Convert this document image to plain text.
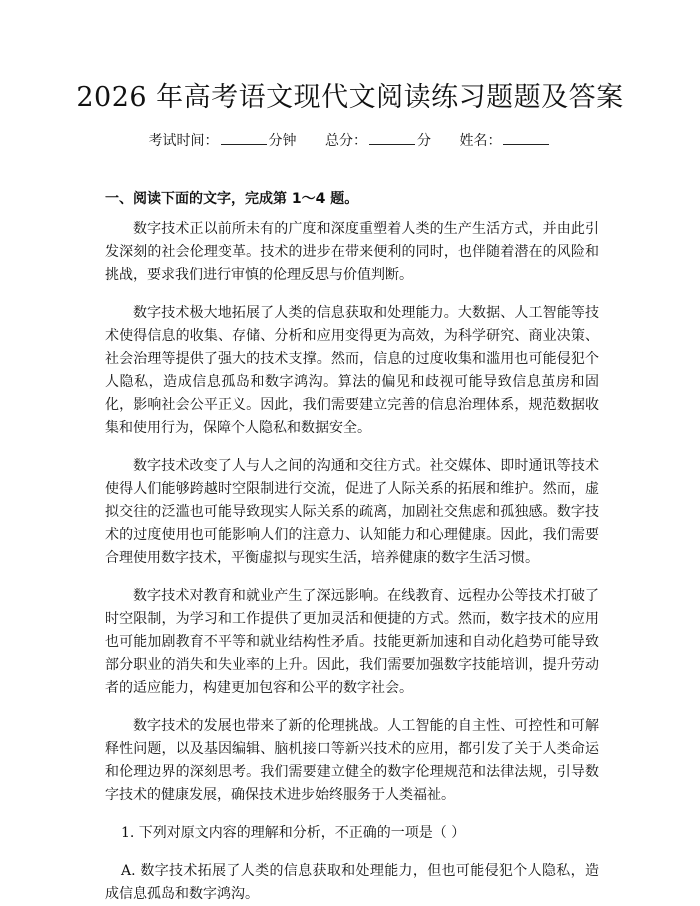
2026 年高考语文现代文阅读练习题题及答案
考试时间：	分钟 总分：	分 姓名：
一、阅读下面的文字，完成第 1～4 题。

数字技术正以前所未有的广度和深度重塑着人类的生产生活方式，并由此引发深刻的社会伦理变革。技术的进步在带来便利的同时，也伴随着潜在的风险和挑战，要求我们进行审慎的伦理反思与价值判断。

数字技术极大地拓展了人类的信息获取和处理能力。大数据、人工智能等技术使得信息的收集、存储、分析和应用变得更为高效，为科学研究、商业决策、社会治理等提供了强大的技术支撑。然而，信息的过度收集和滥用也可能侵犯个人隐私，造成信息孤岛和数字鸿沟。算法的偏见和歧视可能导致信息茧房和固化，影响社会公平正义。因此，我们需要建立完善的信息治理体系，规范数据收集和使用行为，保障个人隐私和数据安全。

数字技术改变了人与人之间的沟通和交往方式。社交媒体、即时通讯等技术使得人们能够跨越时空限制进行交流，促进了人际关系的拓展和维护。然而，虚拟交往的泛滥也可能导致现实人际关系的疏离，加剧社交焦虑和孤独感。数字技术的过度使用也可能影响人们的注意力、认知能力和心理健康。因此，我们需要合理使用数字技术，平衡虚拟与现实生活，培养健康的数字生活习惯。

数字技术对教育和就业产生了深远影响。在线教育、远程办公等技术打破了时空限制，为学习和工作提供了更加灵活和便捷的方式。然而，数字技术的应用也可能加剧教育不平等和就业结构性矛盾。技能更新加速和自动化趋势可能导致部分职业的消失和失业率的上升。因此，我们需要加强数字技能培训，提升劳动者的适应能力，构建更加包容和公平的数字社会。

数字技术的发展也带来了新的伦理挑战。人工智能的自主性、可控性和可解释性问题，以及基因编辑、脑机接口等新兴技术的应用，都引发了关于人类命运和伦理边界的深刻思考。我们需要建立健全的数字伦理规范和法律法规，引导数字技术的健康发展，确保技术进步始终服务于人类福祉。

1. 下列对原文内容的理解和分析，不正确的一项是（ ）

A. 数字技术拓展了人类的信息获取和处理能力，但也可能侵犯个人隐私，造成信息孤岛和数字鸿沟。
